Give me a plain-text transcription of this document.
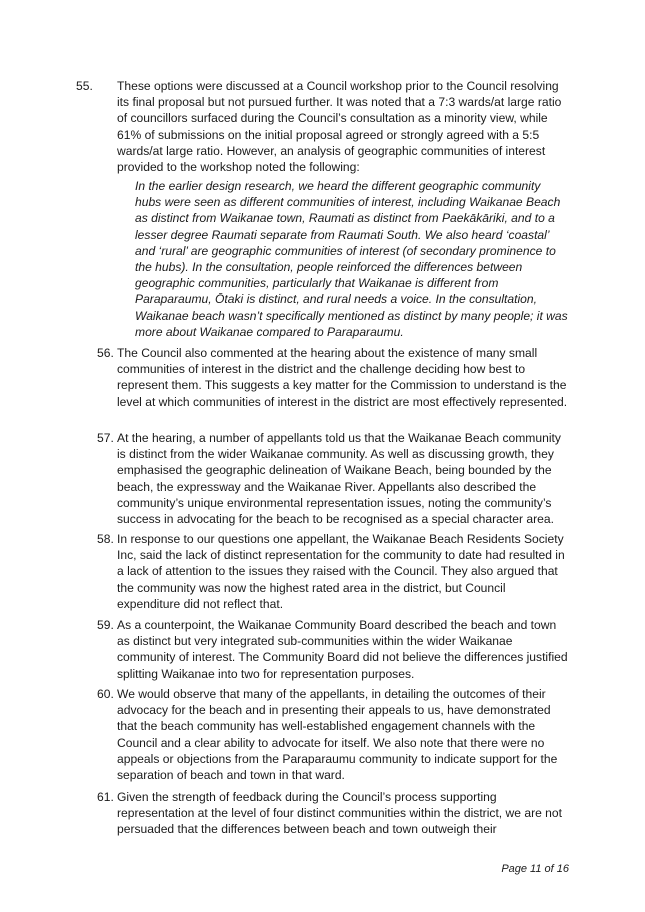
55.	These options were discussed at a Council workshop prior to the Council resolving its final proposal but not pursued further. It was noted that a 7:3 wards/at large ratio of councillors surfaced during the Council’s consultation as a minority view, while 61% of submissions on the initial proposal agreed or strongly agreed with a 5:5 wards/at large ratio. However, an analysis of geographic communities of interest provided to the workshop noted the following:
In the earlier design research, we heard the different geographic community hubs were seen as different communities of interest, including Waikanae Beach as distinct from Waikanae town, Raumati as distinct from Paekākāriki, and to a lesser degree Raumati separate from Raumati South. We also heard ‘coastal’ and ‘rural’ are geographic communities of interest (of secondary prominence to the hubs). In the consultation, people reinforced the differences between geographic communities, particularly that Waikanae is different from Paraparaumu, Ōtaki is distinct, and rural needs a voice. In the consultation, Waikanae beach wasn’t specifically mentioned as distinct by many people; it was more about Waikanae compared to Paraparaumu.
56. The Council also commented at the hearing about the existence of many small communities of interest in the district and the challenge deciding how best to represent them. This suggests a key matter for the Commission to understand is the level at which communities of interest in the district are most effectively represented.
57. At the hearing, a number of appellants told us that the Waikanae Beach community is distinct from the wider Waikanae community. As well as discussing growth, they emphasised the geographic delineation of Waikane Beach, being bounded by the beach, the expressway and the Waikanae River. Appellants also described the community’s unique environmental representation issues, noting the community’s success in advocating for the beach to be recognised as a special character area.
58. In response to our questions one appellant, the Waikanae Beach Residents Society Inc, said the lack of distinct representation for the community to date had resulted in a lack of attention to the issues they raised with the Council. They also argued that the community was now the highest rated area in the district, but Council expenditure did not reflect that.
59. As a counterpoint, the Waikanae Community Board described the beach and town as distinct but very integrated sub-communities within the wider Waikanae community of interest. The Community Board did not believe the differences justified splitting Waikanae into two for representation purposes.
60. We would observe that many of the appellants, in detailing the outcomes of their advocacy for the beach and in presenting their appeals to us, have demonstrated that the beach community has well-established engagement channels with the Council and a clear ability to advocate for itself. We also note that there were no appeals or objections from the Paraparaumu community to indicate support for the separation of beach and town in that ward.
61. Given the strength of feedback during the Council’s process supporting representation at the level of four distinct communities within the district, we are not persuaded that the differences between beach and town outweigh their
Page 11 of 16
